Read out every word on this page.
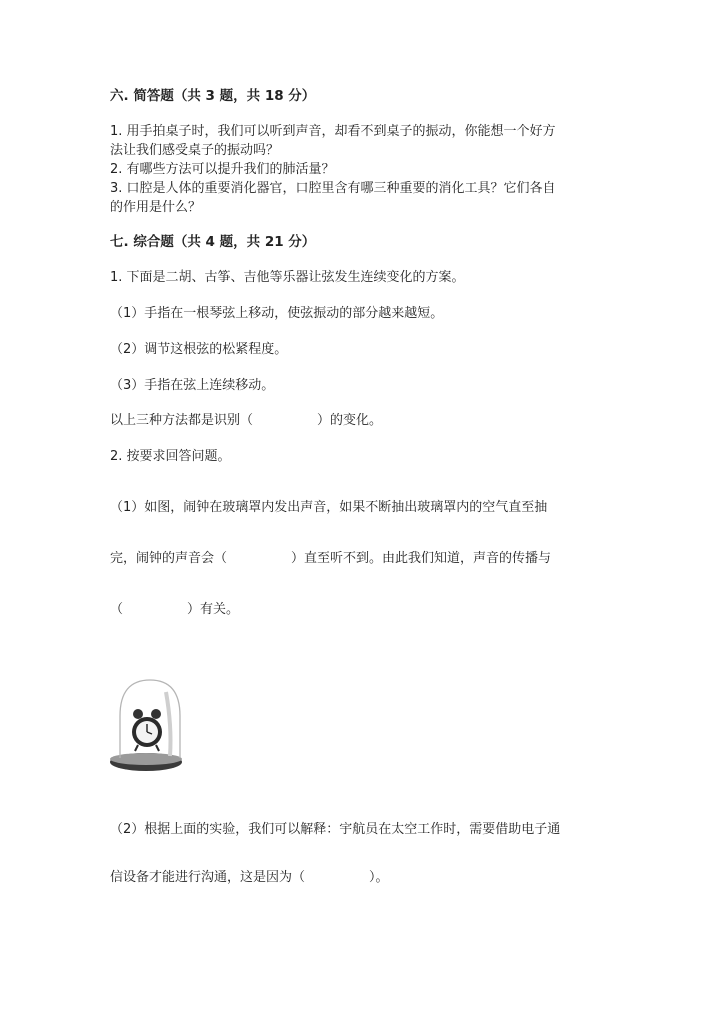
六. 简答题（共 3 题，共 18 分）
1. 用手拍桌子时，我们可以听到声音，却看不到桌子的振动，你能想一个好方
法让我们感受桌子的振动吗？
2. 有哪些方法可以提升我们的肺活量？
3. 口腔是人体的重要消化器官，口腔里含有哪三种重要的消化工具？它们各自
的作用是什么？
七. 综合题（共 4 题，共 21 分）
1. 下面是二胡、古筝、吉他等乐器让弦发生连续变化的方案。
（1）手指在一根琴弦上移动，使弦振动的部分越来越短。
（2）调节这根弦的松紧程度。
（3）手指在弦上连续移动。
以上三种方法都是识别（	）的变化。
2. 按要求回答问题。
（1）如图，闹钟在玻璃罩内发出声音，如果不断抽出玻璃罩内的空气直至抽
完，闹钟的声音会（	）直至听不到。由此我们知道，声音的传播与
（	）有关。
（2）根据上面的实验，我们可以解释：宇航员在太空工作时，需要借助电子通
信设备才能进行沟通，这是因为（	）。
